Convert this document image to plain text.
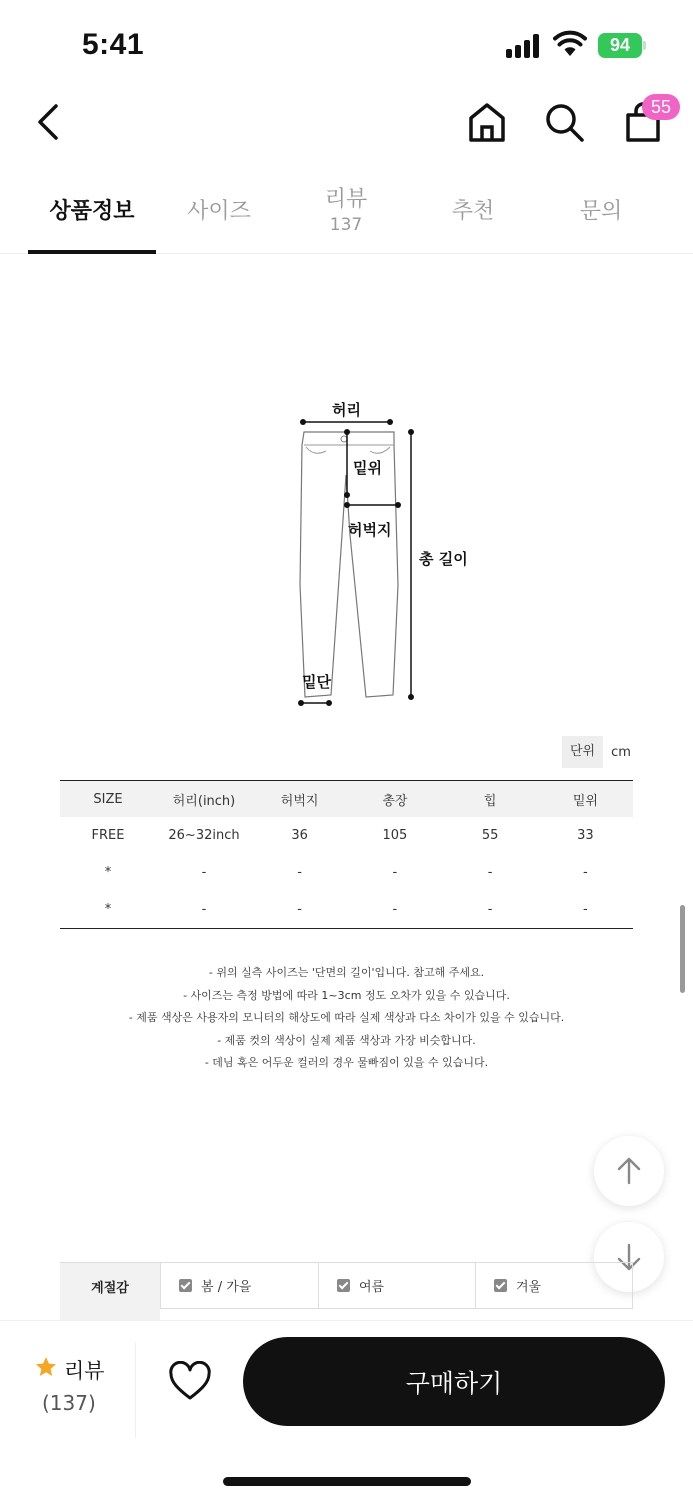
5:41	94
55
상품정보	사이즈	리뷰
137
추천	문의
허리
밑위
허벅지
총 길이
밑단
단위	cm
SIZE	허리(inch)	허벅지	총장	힙	밑위
FREE	26~32inch	36	105	55	33
*	-	-	-	-	-
*	-	-	-	-	-
- 위의 실측 사이즈는 '단면의 길이'입니다. 참고해 주세요.
- 사이즈는 측정 방법에 따라 1~3cm 정도 오차가 있을 수 있습니다.
- 제품 색상은 사용자의 모니터의 해상도에 따라 실제 색상과 다소 차이가 있을 수 있습니다.
- 제품 컷의 색상이 실제 제품 색상과 가장 비슷합니다.
- 데님 혹은 어두운 컬러의 경우 물빠짐이 있을 수 있습니다.
계절감	봄 / 가을	여름	겨울
리뷰
(137)
구매하기
